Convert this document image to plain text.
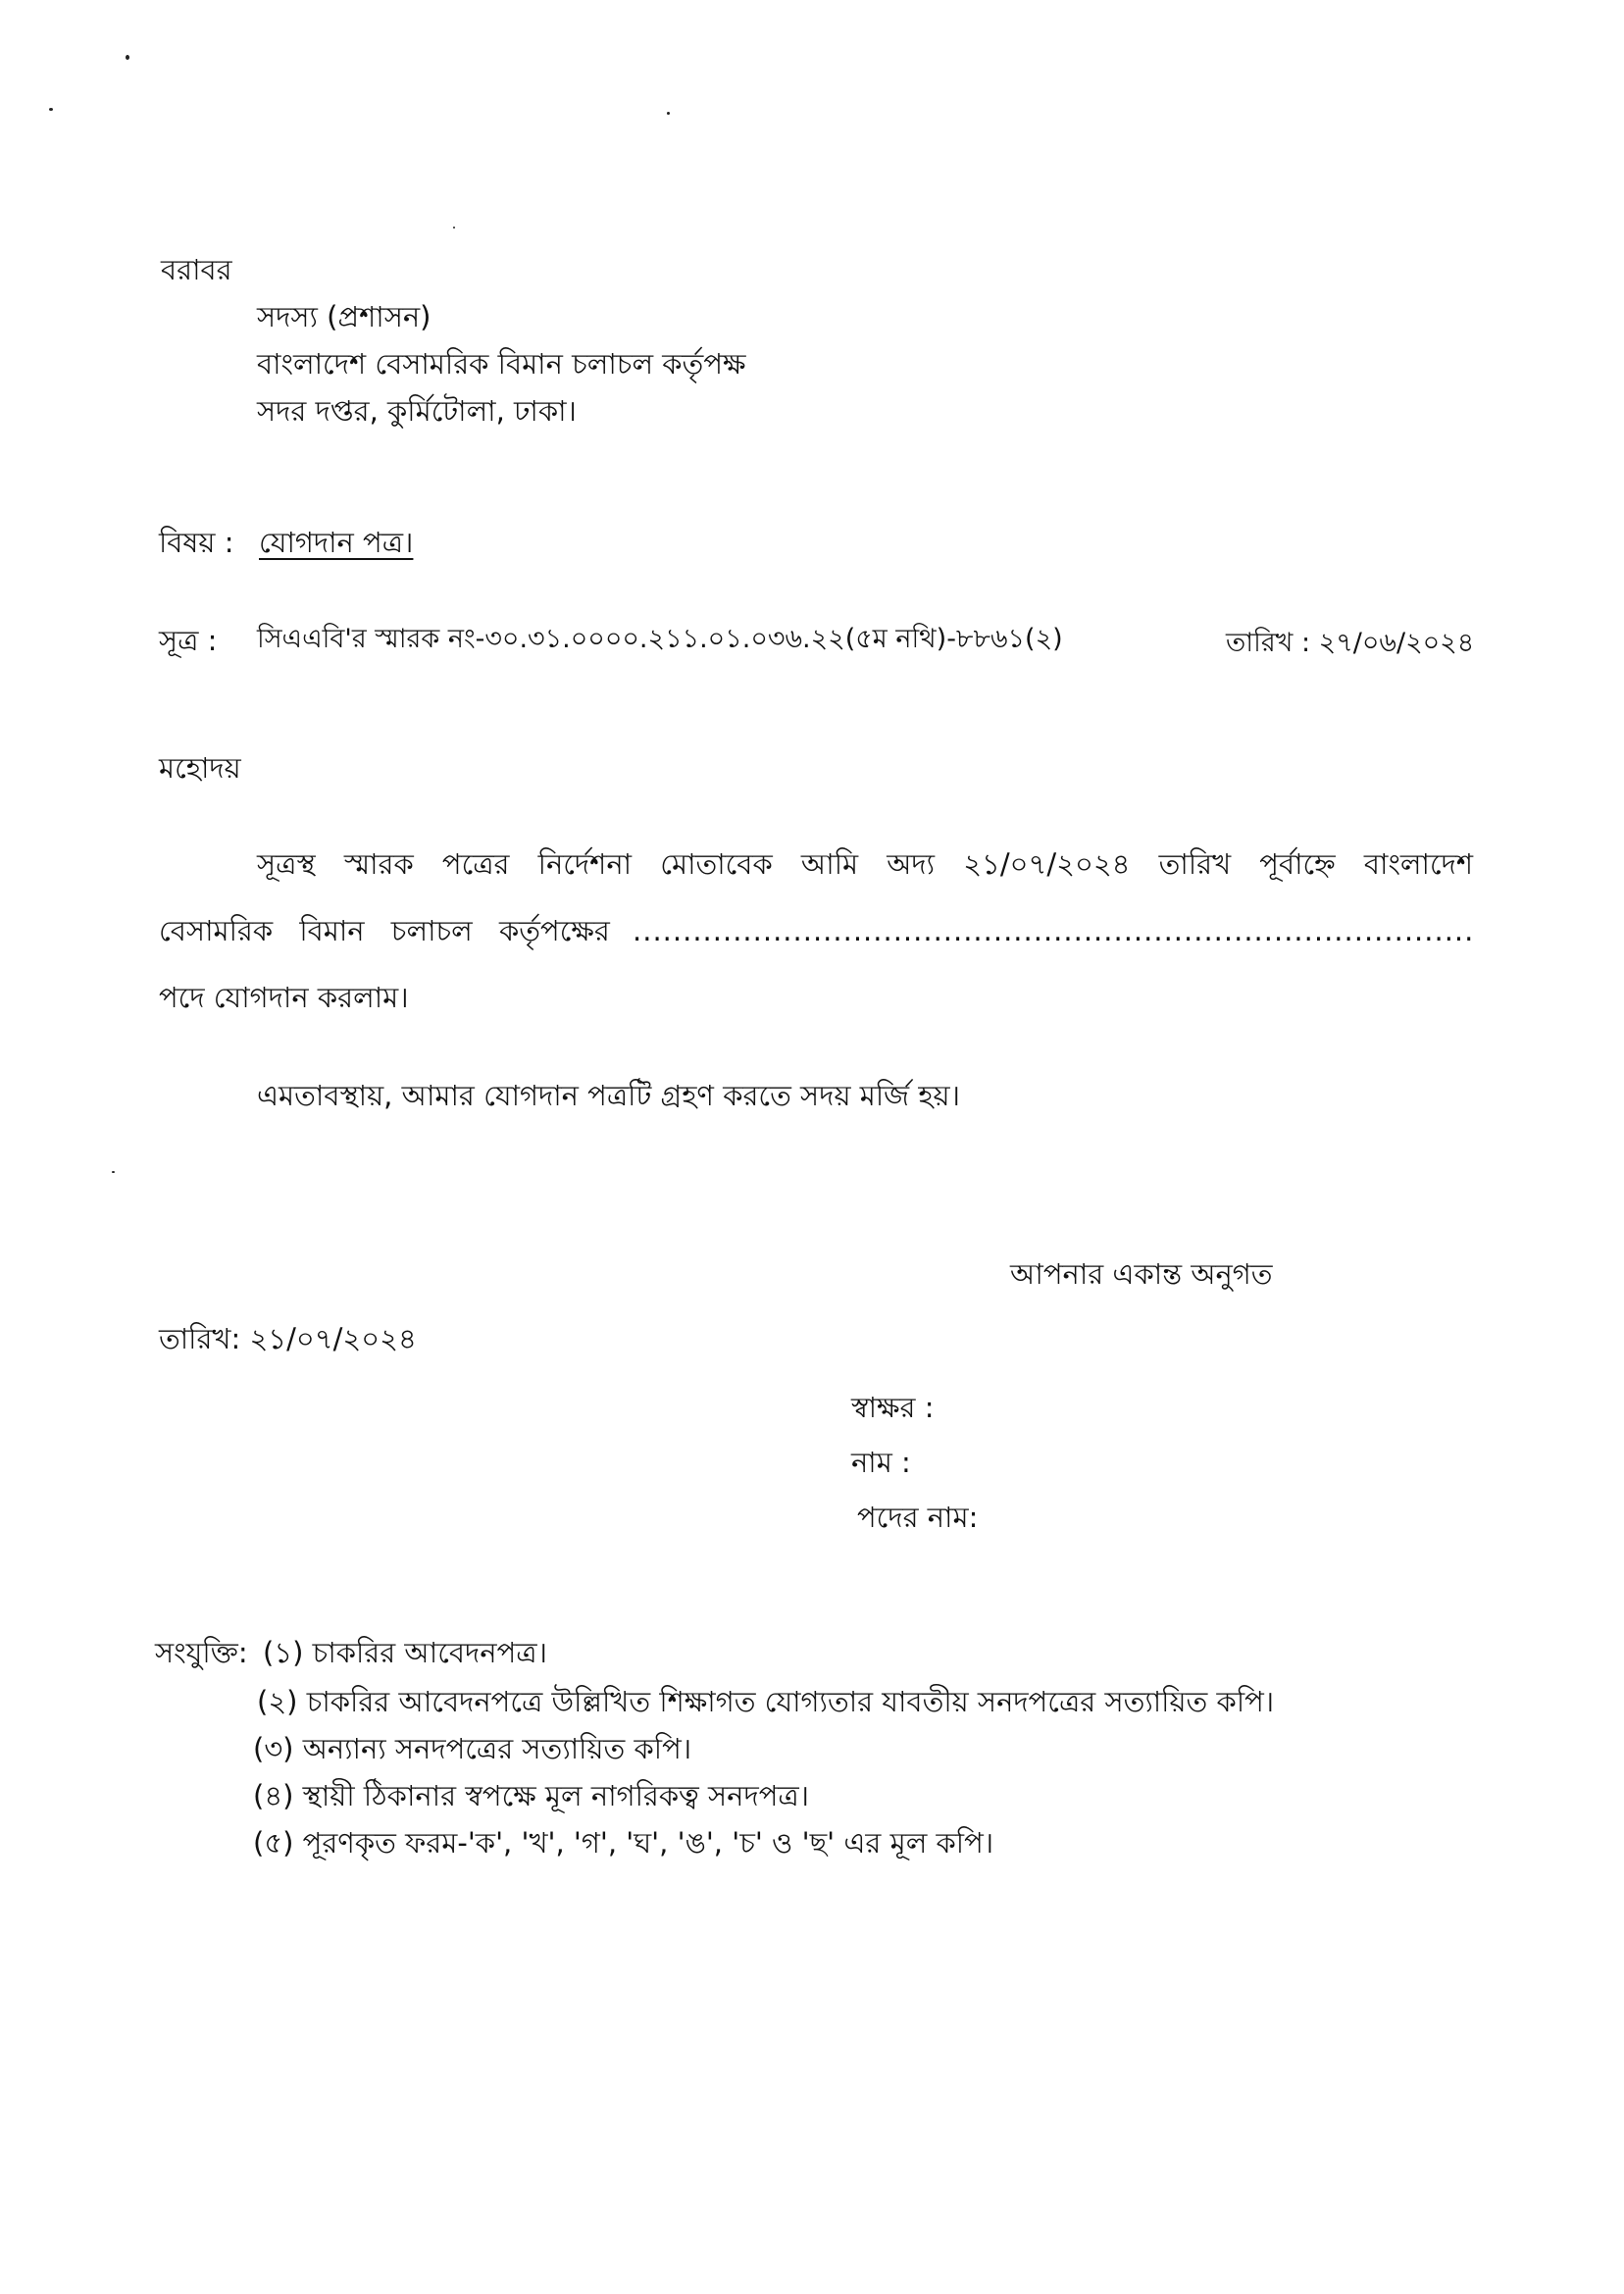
বরাবর
সদস্য (প্রশাসন)
বাংলাদেশ বেসামরিক বিমান চলাচল কর্তৃপক্ষ
সদর দপ্তর, কুর্মিটোলা, ঢাকা।
বিষয় : যোগদান পত্র।
সূত্র : সিএএবি'র স্মারক নং-৩০.৩১.০০০০.২১১.০১.০৩৬.২২(৫ম নথি)-৮৮৬১(২)	তারিখ : ২৭/০৬/২০২৪
মহোদয়
সূত্রস্থ স্মারক পত্রের নির্দেশনা মোতাবেক আমি অদ্য ২১/০৭/২০২৪ তারিখ পূর্বাহ্নে বাংলাদেশ
বেসামরিক বিমান চলাচল কর্তৃপক্ষের ....................................................................................
পদে যোগদান করলাম।
এমতাবস্থায়, আমার যোগদান পত্রটি গ্রহণ করতে সদয় মর্জি হয়।
আপনার একান্ত অনুগত
তারিখ: ২১/০৭/২০২৪
স্বাক্ষর :
নাম :
পদের নাম:
সংযুক্তি: (১) চাকরির আবেদনপত্র।
(২) চাকরির আবেদনপত্রে উল্লিখিত শিক্ষাগত যোগ্যতার যাবতীয় সনদপত্রের সত্যায়িত কপি।
(৩) অন্যান্য সনদপত্রের সত্যায়িত কপি।
(৪) স্থায়ী ঠিকানার স্বপক্ষে মূল নাগরিকত্ব সনদপত্র।
(৫) পূরণকৃত ফরম-'ক', 'খ', 'গ', 'ঘ', 'ঙ', 'চ' ও 'ছ' এর মূল কপি।
